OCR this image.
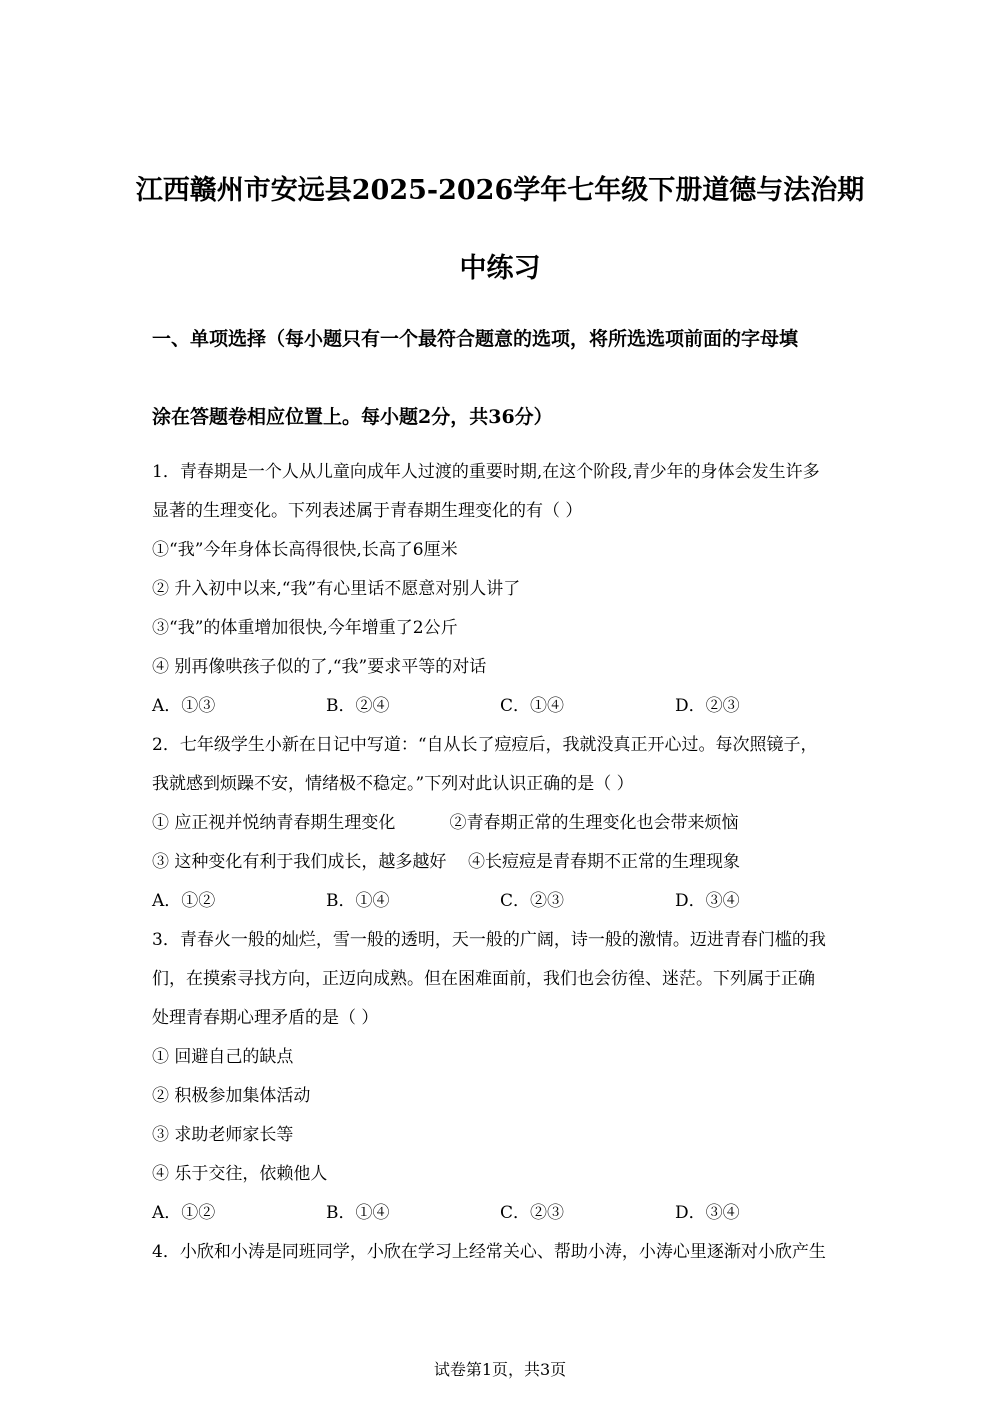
江西赣州市安远县2025-2026学年七年级下册道德与法治期
中练习
一、单项选择（每小题只有一个最符合题意的选项，将所选选项前面的字母填
涂在答题卷相应位置上。每小题2分，共36分）

1．青春期是一个人从儿童向成年人过渡的重要时期,在这个阶段,青少年的身体会发生许多

显著的生理变化。下列表述属于青春期生理变化的有（ ）

①“我”今年身体长高得很快,长高了6厘米

② 升入初中以来,“我”有心里话不愿意对别人讲了

③“我”的体重增加很快,今年增重了2公斤

④ 别再像哄孩子似的了,“我”要求平等的对话

A．①③	B．②④	C．①④	D．②③

2．七年级学生小新在日记中写道：“自从长了痘痘后，我就没真正开心过。每次照镜子，

我就感到烦躁不安，情绪极不稳定。”下列对此认识正确的是（ ）

① 应正视并悦纳青春期生理变化          ②青春期正常的生理变化也会带来烦恼

③ 这种变化有利于我们成长，越多越好    ④长痘痘是青春期不正常的生理现象

A．①②	B．①④	C．②③	D．③④

3．青春火一般的灿烂，雪一般的透明，天一般的广阔，诗一般的激情。迈进青春门槛的我

们，在摸索寻找方向，正迈向成熟。但在困难面前，我们也会彷徨、迷茫。下列属于正确

处理青春期心理矛盾的是（ ）

① 回避自己的缺点

② 积极参加集体活动

③ 求助老师家长等

④ 乐于交往，依赖他人

A．①②	B．①④	C．②③	D．③④

4．小欣和小涛是同班同学，小欣在学习上经常关心、帮助小涛，小涛心里逐渐对小欣产生

试卷第1页，共3页
